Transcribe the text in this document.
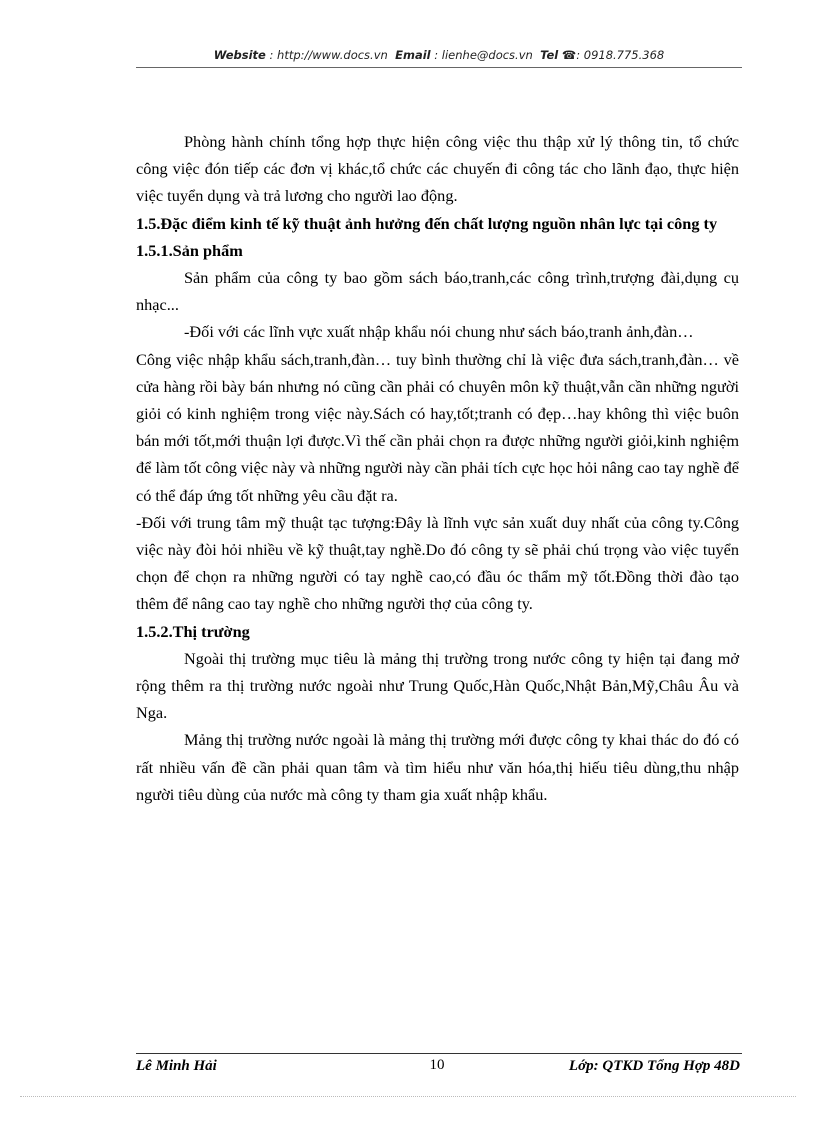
Website : http://www.docs.vn Email : lienhe@docs.vn Tel ☎: 0918.775.368

Phòng hành chính tổng hợp thực hiện công việc thu thập xử lý thông tin, tổ chức công việc đón tiếp các đơn vị khác,tổ chức các chuyến đi công tác cho lãnh đạo, thực hiện việc tuyển dụng và trả lương cho người lao động.

1.5.Đặc điểm kinh tế kỹ thuật ảnh hưởng đến chất lượng nguồn nhân lực tại công ty

1.5.1.Sản phẩm

Sản phẩm của công ty bao gồm sách báo,tranh,các công trình,trượng đài,dụng cụ nhạc...

-Đối với các lĩnh vực xuất nhập khẩu nói chung như sách báo,tranh ảnh,đàn…

Công việc nhập khẩu sách,tranh,đàn… tuy bình thường chỉ là việc đưa sách,tranh,đàn… về cửa hàng rồi bày bán nhưng nó cũng cần phải có chuyên môn kỹ thuật,vẫn cần những người giỏi có kinh nghiệm trong việc này.Sách có hay,tốt;tranh có đẹp…hay không thì việc buôn bán mới tốt,mới thuận lợi được.Vì thế cần phải chọn ra được những người giỏi,kinh nghiệm để làm tốt công việc này và những người này cần phải tích cực học hỏi nâng cao tay nghề để có thể đáp ứng tốt những yêu cầu đặt ra.

-Đối với trung tâm mỹ thuật tạc tượng:Đây là lĩnh vực sản xuất duy nhất của công ty.Công việc này đòi hỏi nhiều về kỹ thuật,tay nghề.Do đó công ty sẽ phải chú trọng vào việc tuyển chọn để chọn ra những người có tay nghề cao,có đầu óc thẩm mỹ tốt.Đồng thời đào tạo thêm để nâng cao tay nghề cho những người thợ của công ty.

1.5.2.Thị trường

Ngoài thị trường mục tiêu là mảng thị trường trong nước công ty hiện tại đang mở rộng thêm ra thị trường nước ngoài như Trung Quốc,Hàn Quốc,Nhật Bản,Mỹ,Châu Âu và Nga.

Mảng thị trường nước ngoài là mảng thị trường mới được công ty khai thác do đó có rất nhiều vấn đề cần phải quan tâm và tìm hiểu như văn hóa,thị hiếu tiêu dùng,thu nhập người tiêu dùng của nước mà công ty tham gia xuất nhập khẩu.

Lê Minh Hải	10	Lớp: QTKD Tổng Hợp 48D
